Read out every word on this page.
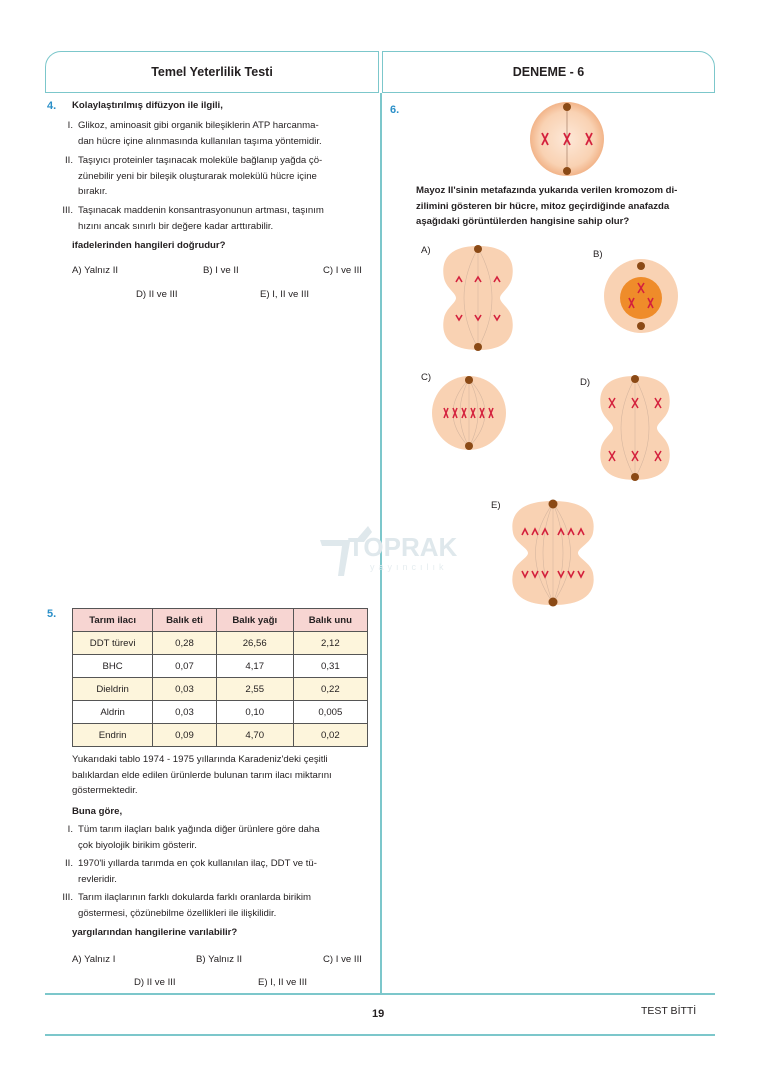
Temel Yeterlilik Testi	DENEME - 6
4. Kolaylaştırılmış difüzyon ile ilgili,
I. Glikoz, aminoasit gibi organik bileşiklerin ATP harcanma-
dan hücre içine alınmasında kullanılan taşıma yöntemidir.
II. Taşıyıcı proteinler taşınacak moleküle bağlanıp yağda çö-
zünebilir yeni bir bileşik oluşturarak molekülü hücre içine
bırakır.
III. Taşınacak maddenin konsantrasyonunun artması, taşınım
hızını ancak sınırlı bir değere kadar arttırabilir.
ifadelerinden hangileri doğrudur?
A) Yalnız II	B) I ve II	C) I ve III
D) II ve III	E) I, II ve III
6.
Mayoz II'sinin metafazında yukarıda verilen kromozom di-
zilimini gösteren bir hücre, mitoz geçirdiğinde anafazda
aşağıdaki görüntülerden hangisine sahip olur?
A)	B)
C)	D)
E)
TOPRAK
yayıncılık
5.	Tarım ilacı	Balık eti	Balık yağı	Balık unu
DDT türevi	0,28	26,56	2,12
BHC	0,07	4,17	0,31
Dieldrin	0,03	2,55	0,22
Aldrin	0,03	0,10	0,005
Endrin	0,09	4,70	0,02
Yukarıdaki tablo 1974 - 1975 yıllarında Karadeniz'deki çeşitli
balıklardan elde edilen ürünlerde bulunan tarım ilacı miktarını
göstermektedir.
Buna göre,
I. Tüm tarım ilaçları balık yağında diğer ürünlere göre daha
çok biyolojik birikim gösterir.
II. 1970'li yıllarda tarımda en çok kullanılan ilaç, DDT ve tü-
revleridir.
III. Tarım ilaçlarının farklı dokularda farklı oranlarda birikim
göstermesi, çözünebilme özellikleri ile ilişkilidir.
yargılarından hangilerine varılabilir?
A) Yalnız I	B) Yalnız II	C) I ve III
D) II ve III	E) I, II ve III
19	TEST BİTTİ
